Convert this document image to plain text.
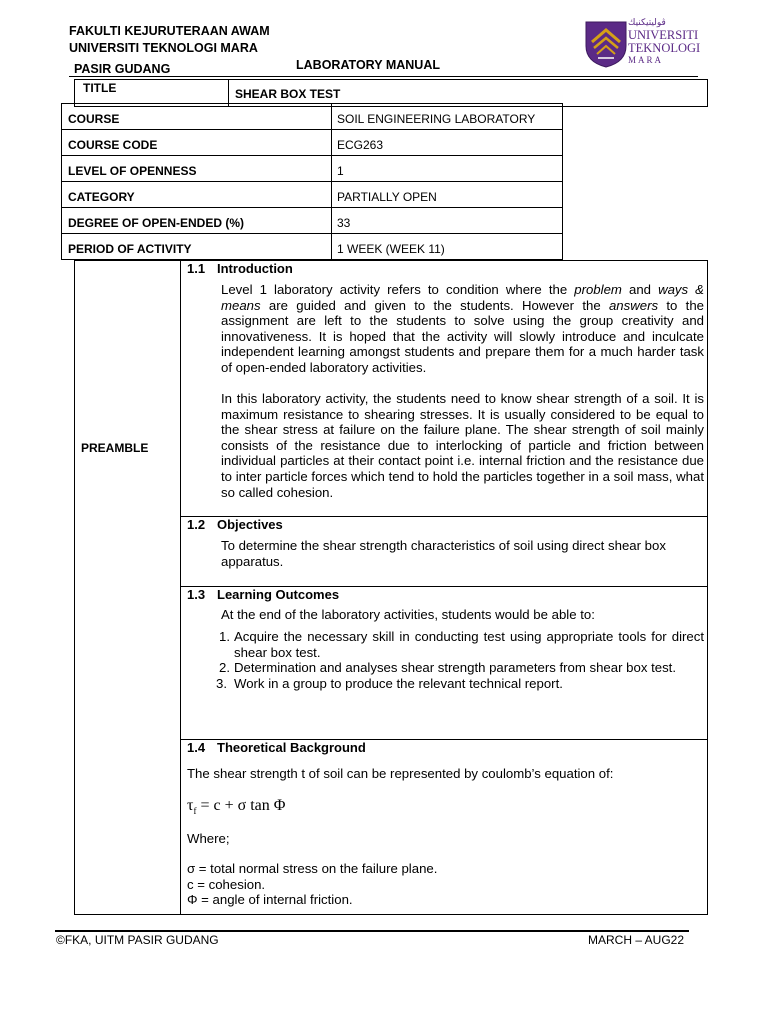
FAKULTI KEJURUTERAAN AWAM
UNIVERSITI TEKNOLOGI MARA
PASIR GUDANG	LABORATORY MANUAL
ڤوليتيكنيك
UNIVERSITI
TEKNOLOGI
MARA
TITLE	SHEAR BOX TEST
COURSE	SOIL ENGINEERING LABORATORY
COURSE CODE	ECG263
LEVEL OF OPENNESS	1
CATEGORY	PARTIALLY OPEN
DEGREE OF OPEN-ENDED (%)	33
PERIOD OF ACTIVITY	1 WEEK (WEEK 11)
PREAMBLE
1.1 Introduction
Level 1 laboratory activity refers to condition where the problem and ways & means are guided and given to the students. However the answers to the assignment are left to the students to solve using the group creativity and innovativeness. It is hoped that the activity will slowly introduce and inculcate independent learning amongst students and prepare them for a much harder task of open-ended laboratory activities.
In this laboratory activity, the students need to know shear strength of a soil. It is maximum resistance to shearing stresses. It is usually considered to be equal to the shear stress at failure on the failure plane. The shear strength of soil mainly consists of the resistance due to interlocking of particle and friction between individual particles at their contact point i.e. internal friction and the resistance due to inter particle forces which tend to hold the particles together in a soil mass, what so called cohesion.
1.2 Objectives
To determine the shear strength characteristics of soil using direct shear box apparatus.
1.3 Learning Outcomes
At the end of the laboratory activities, students would be able to:
1. Acquire the necessary skill in conducting test using appropriate tools for direct shear box test.
2. Determination and analyses shear strength parameters from shear box test.
3. Work in a group to produce the relevant technical report.
1.4 Theoretical Background
The shear strength t of soil can be represented by coulomb’s equation of:
$\tau_f = c + \sigma$ tan Φ
Where;
σ = total normal stress on the failure plane.
c = cohesion.
Φ = angle of internal friction.
©FKA, UITM PASIR GUDANG	MARCH – AUG22
